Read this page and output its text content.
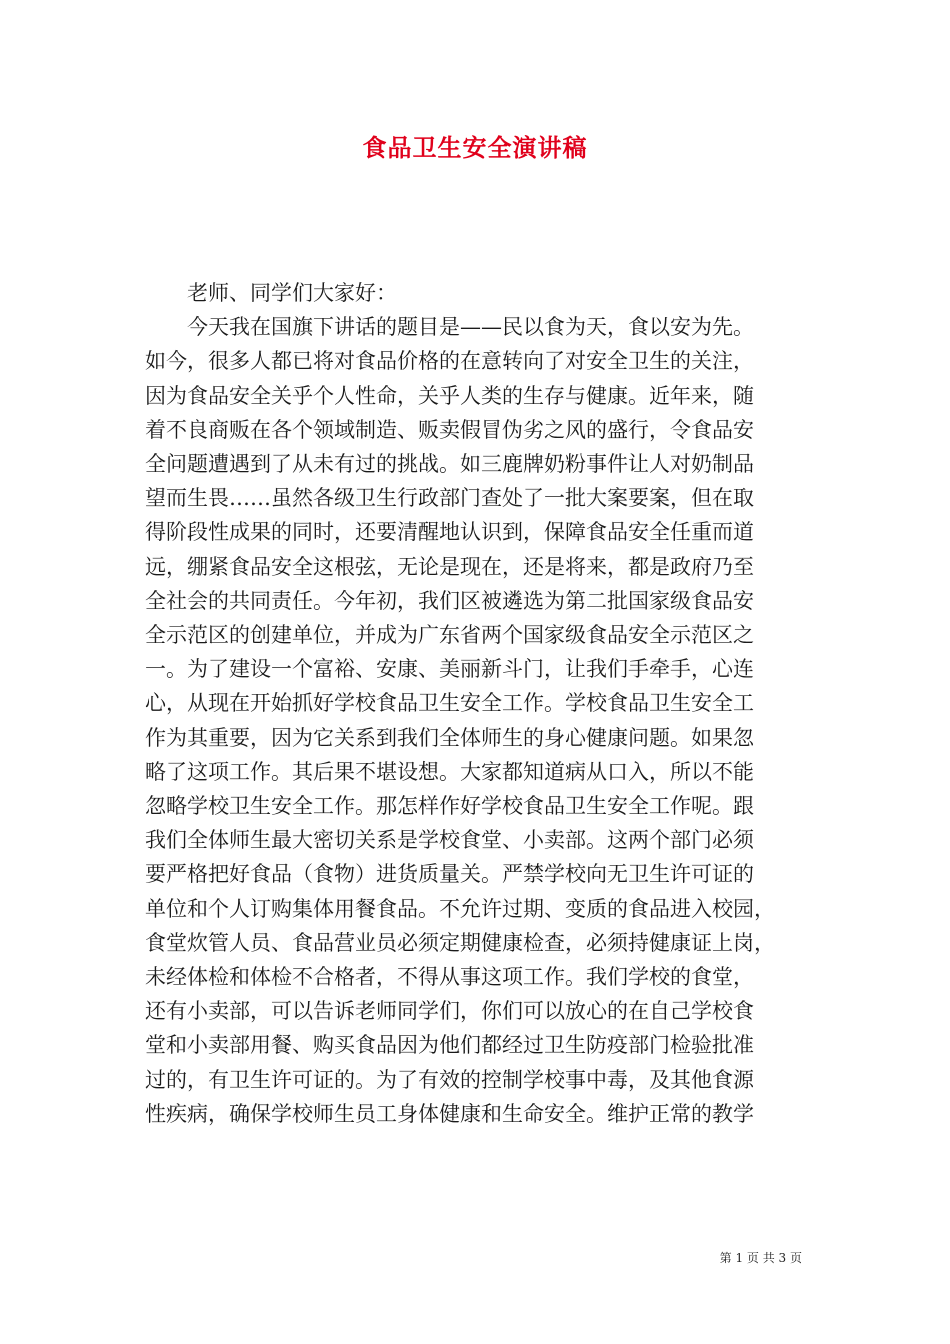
食品卫生安全演讲稿

老师、同学们大家好：

今天我在国旗下讲话的题目是——民以食为天，食以安为先。
如今，很多人都已将对食品价格的在意转向了对安全卫生的关注，
因为食品安全关乎个人性命，关乎人类的生存与健康。近年来，随
着不良商贩在各个领域制造、贩卖假冒伪劣之风的盛行，令食品安
全问题遭遇到了从未有过的挑战。如三鹿牌奶粉事件让人对奶制品
望而生畏……虽然各级卫生行政部门查处了一批大案要案，但在取
得阶段性成果的同时，还要清醒地认识到，保障食品安全任重而道
远，绷紧食品安全这根弦，无论是现在，还是将来，都是政府乃至
全社会的共同责任。今年初，我们区被遴选为第二批国家级食品安
全示范区的创建单位，并成为广东省两个国家级食品安全示范区之
一。为了建设一个富裕、安康、美丽新斗门，让我们手牵手，心连
心，从现在开始抓好学校食品卫生安全工作。学校食品卫生安全工
作为其重要，因为它关系到我们全体师生的身心健康问题。如果忽
略了这项工作。其后果不堪设想。大家都知道病从口入，所以不能
忽略学校卫生安全工作。那怎样作好学校食品卫生安全工作呢。跟
我们全体师生最大密切关系是学校食堂、小卖部。这两个部门必须
要严格把好食品（食物）进货质量关。严禁学校向无卫生许可证的
单位和个人订购集体用餐食品。不允许过期、变质的食品进入校园，
食堂炊管人员、食品营业员必须定期健康检查，必须持健康证上岗，
未经体检和体检不合格者，不得从事这项工作。我们学校的食堂，
还有小卖部，可以告诉老师同学们，你们可以放心的在自己学校食
堂和小卖部用餐、购买食品因为他们都经过卫生防疫部门检验批准
过的，有卫生许可证的。为了有效的控制学校事中毒，及其他食源
性疾病，确保学校师生员工身体健康和生命安全。维护正常的教学

第 1 页 共 3 页
